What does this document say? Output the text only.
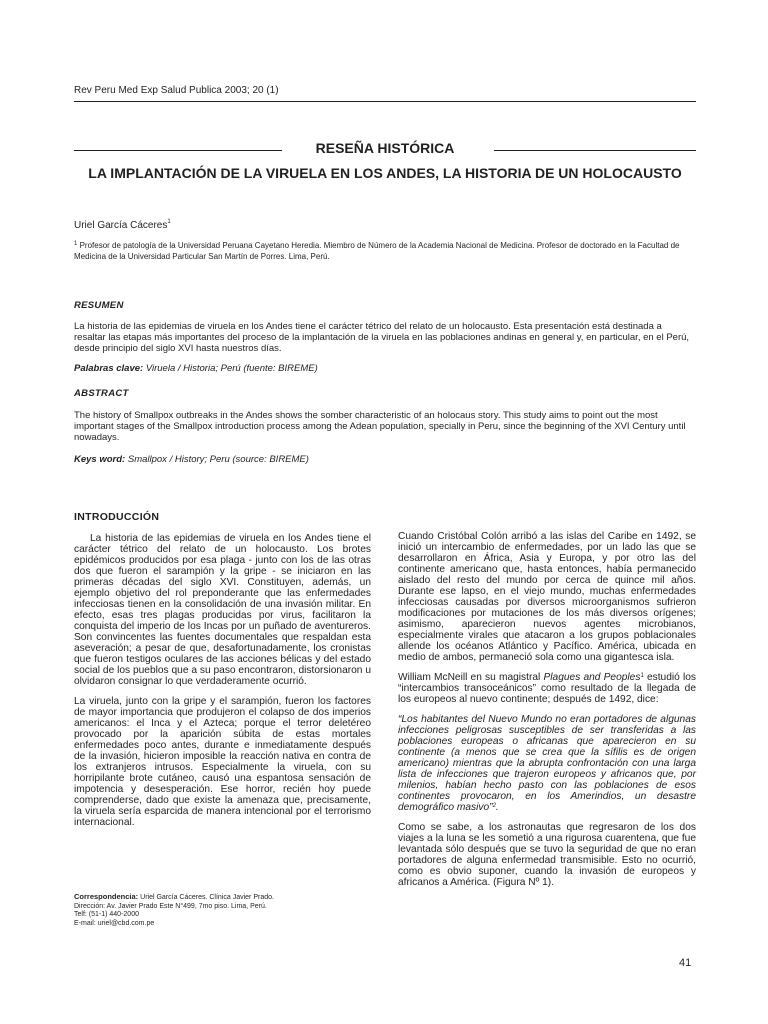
Rev Peru Med Exp Salud Publica 2003; 20 (1)
RESEÑA HISTÓRICA
LA IMPLANTACIÓN DE LA VIRUELA EN LOS ANDES, LA HISTORIA DE UN HOLOCAUSTO
Uriel García Cáceres$^1$
$^1$ Profesor de patología de la Universidad Peruana Cayetano Heredia. Miembro de Número de la Academia Nacional de Medicina. Profesor de doctorado en la Facultad de Medicina de la Universidad Particular San Martín de Porres. Lima, Perú.
RESUMEN
La historia de las epidemias de viruela en los Andes tiene el carácter tétrico del relato de un holocausto. Esta presentación está destinada a resaltar las etapas más importantes del proceso de la implantación de la viruela en las poblaciones andinas en general y, en particular, en el Perú, desde principio del siglo XVI hasta nuestros días.
Palabras clave: Viruela / Historia; Perú (fuente: BIREME)
ABSTRACT
The history of Smallpox outbreaks in the Andes shows the somber characteristic of an holocaus story. This study aims to point out the most important stages of the Smallpox introduction process among the Adean population, specially in Peru, since the beginning of the XVI Century until nowadays.
Keys word: Smallpox / History; Peru (source: BIREME)
INTRODUCCIÓN

La historia de las epidemias de viruela en los Andes tiene el carácter tétrico del relato de un holocausto. Los brotes epidémicos producidos por esa plaga - junto con los de las otras dos que fueron el sarampión y la gripe - se iniciaron en las primeras décadas del siglo XVI. Constituyen, además, un ejemplo objetivo del rol preponderante que las enfermedades infecciosas tienen en la consolidación de una invasión militar. En efecto, esas tres plagas producidas por virus, facilitaron la conquista del imperio de los Incas por un puñado de aventureros. Son convincentes las fuentes documentales que respaldan esta aseveración; a pesar de que, desafortunadamente, los cronistas que fueron testigos oculares de las acciones bélicas y del estado social de los pueblos que a su paso encontraron, distorsionaron u olvidaron consignar lo que verdaderamente ocurrió.

La viruela, junto con la gripe y el sarampión, fueron los factores de mayor importancia que produjeron el colapso de dos imperios americanos: el Inca y el Azteca; porque el terror deletéreo provocado por la aparición súbita de estas mortales enfermedades poco antes, durante e inmediatamente después de la invasión, hicieron imposible la reacción nativa en contra de los extranjeros intrusos. Especialmente la viruela, con su horripilante brote cutáneo, causó una espantosa sensación de impotencia y desesperación. Ese horror, recién hoy puede comprenderse, dado que existe la amenaza que, precisamente, la viruela sería esparcida de manera intencional por el terrorismo internacional.

Cuando Cristóbal Colón arribó a las islas del Caribe en 1492, se inició un intercambio de enfermedades, por un lado las que se desarrollaron en África, Asia y Europa, y por otro las del continente americano que, hasta entonces, había permanecido aislado del resto del mundo por cerca de quince mil años. Durante ese lapso, en el viejo mundo, muchas enfermedades infecciosas causadas por diversos microorganismos sufrieron modificaciones por mutaciones de los más diversos orígenes; asimismo, aparecieron nuevos agentes microbianos, especialmente virales que atacaron a los grupos poblacionales allende los océanos Atlántico y Pacífico. América, ubicada en medio de ambos, permaneció sola como una gigantesca isla.

William McNeill en su magistral Plagues and Peoples$^1$ estudió los “intercambios transoceánicos” como resultado de la llegada de los europeos al nuevo continente; después de 1492, dice:

“Los habitantes del Nuevo Mundo no eran portadores de algunas infecciones peligrosas susceptibles de ser transferidas a las poblaciones europeas o africanas que aparecieron en su continente (a menos que se crea que la sífilis es de origen americano) mientras que la abrupta confrontación con una larga lista de infecciones que trajeron europeos y africanos que, por milenios, habían hecho pasto con las poblaciones de esos continentes provocaron, en los Amerindios, un desastre demográfico masivo”$^2$.

Como se sabe, a los astronautas que regresaron de los dos viajes a la luna se les sometió a una rigurosa cuarentena, que fue levantada sólo después que se tuvo la seguridad de que no eran portadores de alguna enfermedad transmisible. Esto no ocurrió, como es obvio suponer, cuando la invasión de europeos y africanos a América. (Figura Nº 1).

Correspondencia: Uriel García Cáceres. Clínica Javier Prado.
Dirección: Av. Javier Prado Este N°499, 7mo piso. Lima, Perú.
Telf: (51-1) 440-2000
E-mail: uriel@cbd.com.pe
41
